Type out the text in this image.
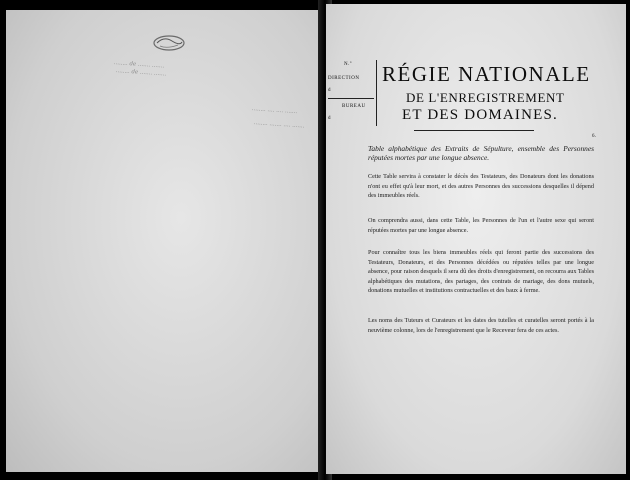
........ de ....... .......
........ de ....... .......
........ .... .... .......
........ ....... .... .......
N.º
DIRECTION
d
BUREAU
d
RÉGIE NATIONALE
DE L'ENREGISTREMENT
ET DES DOMAINES.
6.
Table alphabétique des Extraits de Sépulture, ensemble des Personnes réputées mortes par une longue absence.
Cette Table servira à constater le décès des Testateurs, des Donateurs dont les donations n'ont eu effet qu'à leur mort, et des autres Personnes des successions desquelles il dépend des immeubles réels.
On comprendra aussi, dans cette Table, les Personnes de l'un et l'autre sexe qui seront réputées mortes par une longue absence.
Pour connaître tous les biens immeubles réels qui feront partie des successions des Testateurs, Donateurs, et des Personnes décédées ou réputées telles par une longue absence, pour raison desquels il sera dû des droits d'enregistrement, on recourra aux Tables alphabétiques des mutations, des partages, des contrats de mariage, des dons mutuels, donations mutuelles et institutions contractuelles et des baux à ferme.
Les noms des Tuteurs et Curateurs et les dates des tutelles et curatelles seront portés à la neuvième colonne, lors de l'enregistrement que le Receveur fera de ces actes.
